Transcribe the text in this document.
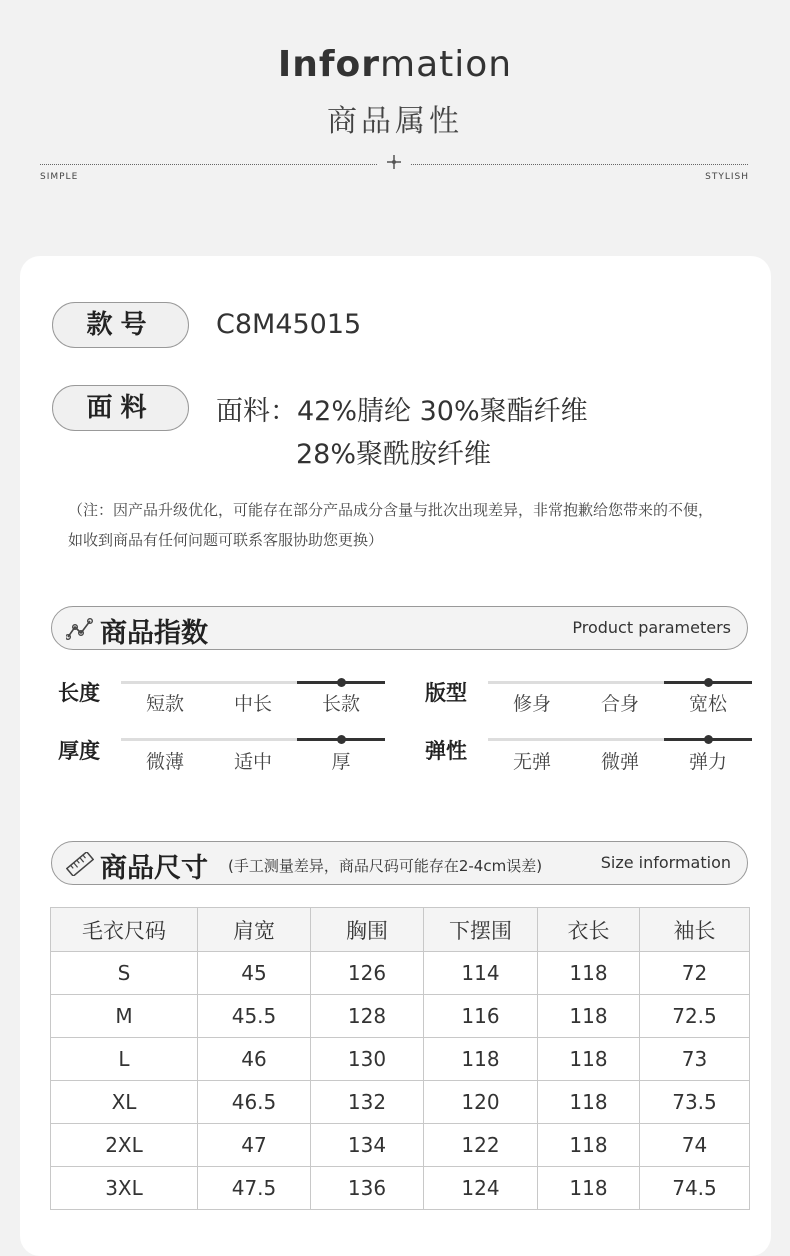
Information
商品属性
SIMPLE	STYLISH
款号	C8M45015
面料	面料：42%腈纶 30%聚酯纤维
28%聚酰胺纤维
（注：因产品升级优化，可能存在部分产品成分含量与批次出现差异，非常抱歉给您带来的不便，
如收到商品有任何问题可联系客服协助您更换）
商品指数	Product parameters
长度	短款	中长	长款	版型	修身	合身	宽松
厚度	微薄	适中	厚	弹性	无弹	微弹	弹力
商品尺寸 (手工测量差异，商品尺码可能存在2-4cm误差)	Size information
毛衣尺码	肩宽	胸围	下摆围	衣长	袖长
S	45	126	114	118	72
M	45.5	128	116	118	72.5
L	46	130	118	118	73
XL	46.5	132	120	118	73.5
2XL	47	134	122	118	74
3XL	47.5	136	124	118	74.5
